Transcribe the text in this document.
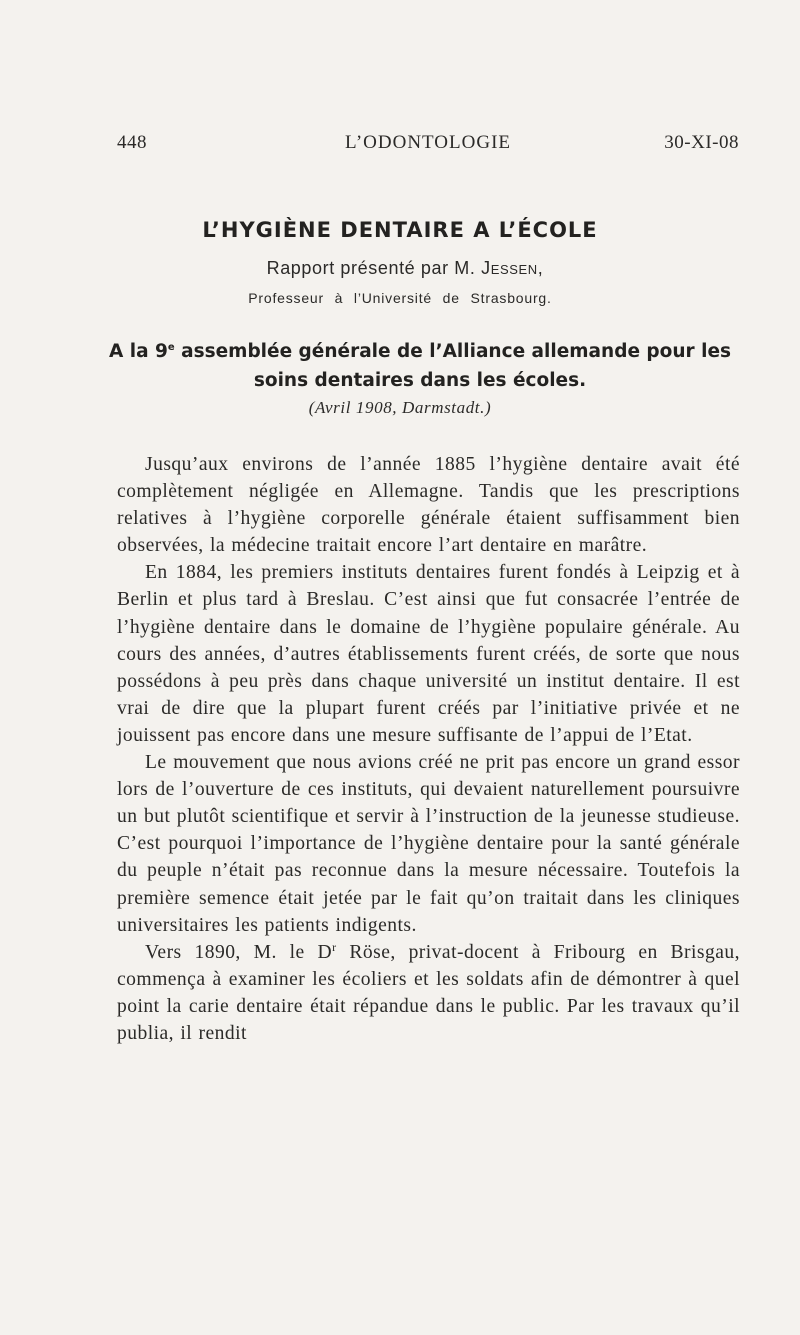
448	L’ODONTOLOGIE	30-XI-08
L’HYGIÈNE DENTAIRE A L’ÉCOLE
Rapport présenté par M. Jessen,
Professeur à l’Université de Strasbourg.
A la 9e assemblée générale de l’Alliance allemande pour les soins dentaires dans les écoles.
(Avril 1908, Darmstadt.)

Jusqu’aux environs de l’année 1885 l’hygiène dentaire avait été complètement négligée en Allemagne. Tandis que les prescriptions relatives à l’hygiène corporelle générale étaient suffisamment bien observées, la médecine traitait encore l’art dentaire en marâtre.

En 1884, les premiers instituts dentaires furent fondés à Leipzig et à Berlin et plus tard à Breslau. C’est ainsi que fut consacrée l’entrée de l’hygiène dentaire dans le domaine de l’hygiène populaire générale. Au cours des années, d’autres établissements furent créés, de sorte que nous possédons à peu près dans chaque université un institut dentaire. Il est vrai de dire que la plupart furent créés par l’initiative privée et ne jouissent pas encore dans une mesure suffisante de l’appui de l’Etat.

Le mouvement que nous avions créé ne prit pas encore un grand essor lors de l’ouverture de ces instituts, qui devaient naturellement poursuivre un but plutôt scientifique et servir à l’instruction de la jeunesse studieuse. C’est pourquoi l’importance de l’hygiène dentaire pour la santé générale du peuple n’était pas reconnue dans la mesure nécessaire. Toutefois la première semence était jetée par le fait qu’on traitait dans les cliniques universitaires les patients indigents.

Vers 1890, M. le $D^r$ Röse, privat-docent à Fribourg en Brisgau, commença à examiner les écoliers et les soldats afin de démontrer à quel point la carie dentaire était répandue dans le public. Par les travaux qu’il publia, il rendit
